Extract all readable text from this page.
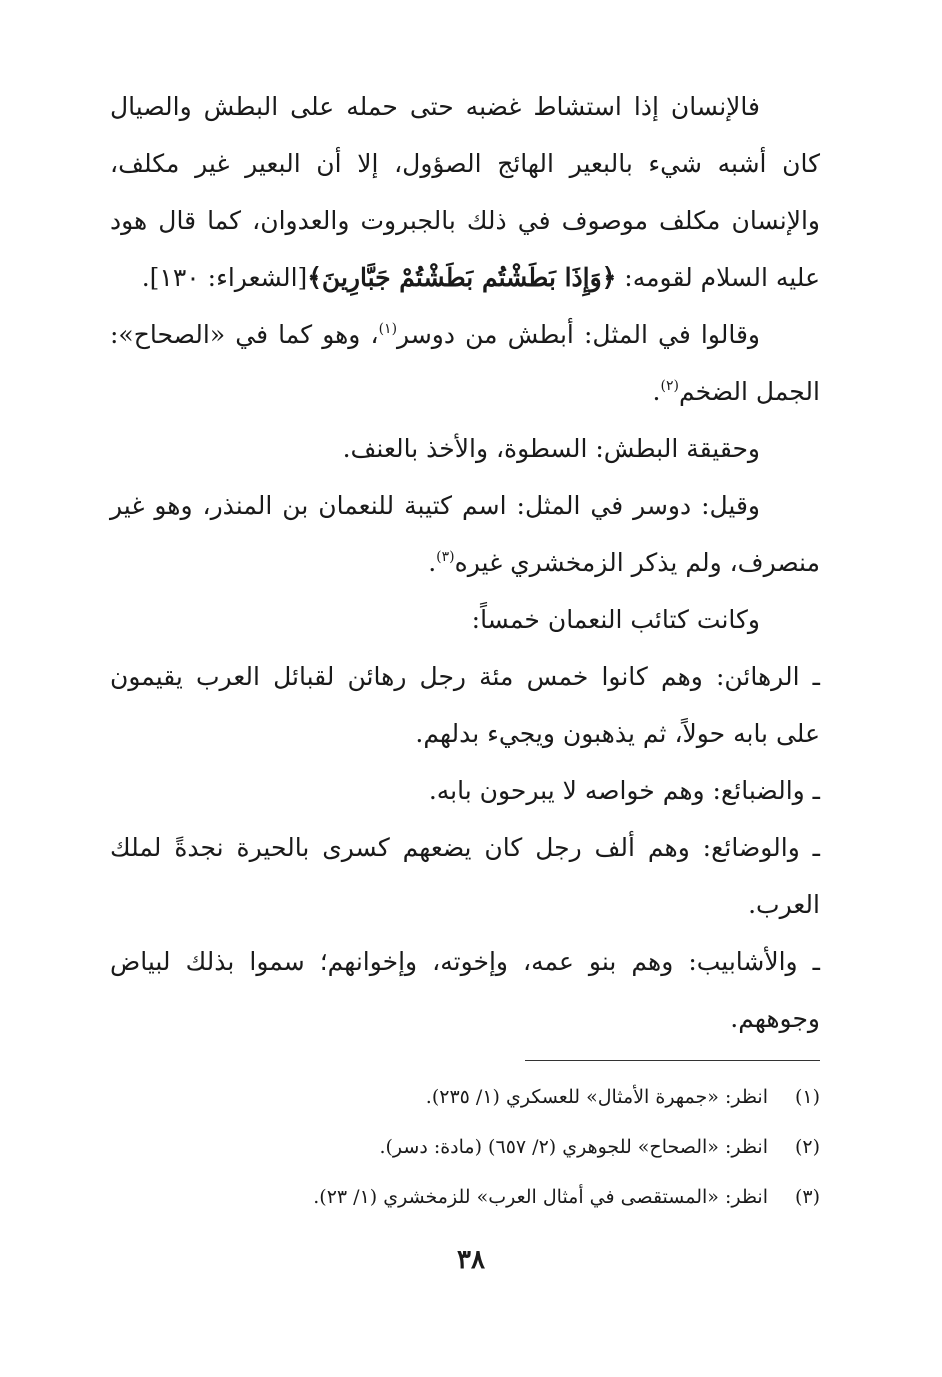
فالإنسان إذا استشاط غضبه حتى حمله على البطش والصيال كان أشبه شيء بالبعير الهائج الصؤول، إلا أن البعير غير مكلف، والإنسان مكلف موصوف في ذلك بالجبروت والعدوان، كما قال هود عليه السلام لقومه: ﴿وَإِذَا بَطَشْتُم بَطَشْتُمْ جَبَّارِينَ﴾[الشعراء: ١٣٠].

وقالوا في المثل: أبطش من دوسر$^{(١)}$، وهو كما في «الصحاح»: الجمل الضخم$^{(٢)}$.

وحقيقة البطش: السطوة، والأخذ بالعنف.

وقيل: دوسر في المثل: اسم كتيبة للنعمان بن المنذر، وهو غير منصرف، ولم يذكر الزمخشري غيره$^{(٣)}$.

وكانت كتائب النعمان خمساً:

ـ الرهائن: وهم كانوا خمس مئة رجل رهائن لقبائل العرب يقيمون على بابه حولاً، ثم يذهبون ويجيء بدلهم.

ـ والضبائع: وهم خواصه لا يبرحون بابه.

ـ والوضائع: وهم ألف رجل كان يضعهم كسرى بالحيرة نجدةً لملك العرب.

ـ والأشابيب: وهم بنو عمه، وإخوته، وإخوانهم؛ سموا بذلك لبياض وجوههم.

(١)انظر: «جمهرة الأمثال» للعسكري (١/ ٢٣٥).

(٢)انظر: «الصحاح» للجوهري (٢/ ٦٥٧) (مادة: دسر).

(٣)انظر: «المستقصى في أمثال العرب» للزمخشري (١/ ٢٣).

٣٨
